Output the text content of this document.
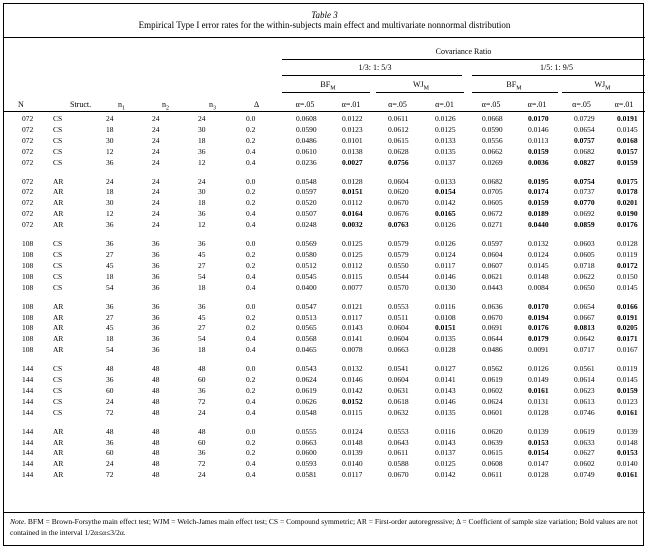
Table 3
Empirical Type I error rates for the within-subjects main effect and multivariate nonnormal distribution
Covariance Ratio
1/3: 1: 5/3	1/5: 1: 9/5
$BF_M$	$WJ_M$	$BF_M$	$WJ_M$
N	Struct.	$n_1$	$n_2$	$n_3$	Δ	α=.05	α=.01	α=.05	α=.01	α=.05	α=.01	α=.05	α=.01
072	CS	24	24	24	0.0	0.0608	0.0122	0.0611	0.0126	0.0668	0.0170	0.0729	0.0191
072	CS	18	24	30	0.2	0.0590	0.0123	0.0612	0.0125	0.0590	0.0146	0.0654	0.0145
072	CS	30	24	18	0.2	0.0486	0.0101	0.0615	0.0133	0.0556	0.0113	0.0757	0.0168
072	CS	12	24	36	0.4	0.0610	0.0138	0.0628	0.0135	0.0662	0.0159	0.0682	0.0157
072	CS	36	24	12	0.4	0.0236	0.0027	0.0756	0.0137	0.0269	0.0036	0.0827	0.0159

072	AR	24	24	24	0.0	0.0548	0.0128	0.0604	0.0133	0.0682	0.0195	0.0754	0.0175
072	AR	18	24	30	0.2	0.0597	0.0151	0.0620	0.0154	0.0705	0.0174	0.0737	0.0178
072	AR	30	24	18	0.2	0.0520	0.0112	0.0670	0.0142	0.0605	0.0159	0.0770	0.0201
072	AR	12	24	36	0.4	0.0507	0.0164	0.0676	0.0165	0.0672	0.0189	0.0692	0.0190
072	AR	36	24	12	0.4	0.0248	0.0032	0.0763	0.0126	0.0271	0.0440	0.0859	0.0176

108	CS	36	36	36	0.0	0.0569	0.0125	0.0579	0.0126	0.0597	0.0132	0.0603	0.0128
108	CS	27	36	45	0.2	0.0580	0.0125	0.0579	0.0124	0.0604	0.0124	0.0605	0.0119
108	CS	45	36	27	0.2	0.0512	0.0112	0.0550	0.0117	0.0607	0.0145	0.0718	0.0172
108	CS	18	36	54	0.4	0.0545	0.0115	0.0544	0.0146	0.0621	0.0148	0.0622	0.0150
108	CS	54	36	18	0.4	0.0400	0.0077	0.0570	0.0130	0.0443	0.0084	0.0650	0.0145

108	AR	36	36	36	0.0	0.0547	0.0121	0.0553	0.0116	0.0636	0.0170	0.0654	0.0166
108	AR	27	36	45	0.2	0.0513	0.0117	0.0511	0.0108	0.0670	0.0194	0.0667	0.0191
108	AR	45	36	27	0.2	0.0565	0.0143	0.0604	0.0151	0.0691	0.0176	0.0813	0.0205
108	AR	18	36	54	0.4	0.0568	0.0141	0.0604	0.0135	0.0644	0.0179	0.0642	0.0171
108	AR	54	36	18	0.4	0.0465	0.0078	0.0663	0.0128	0.0486	0.0091	0.0717	0.0167

144	CS	48	48	48	0.0	0.0543	0.0132	0.0541	0.0127	0.0562	0.0126	0.0561	0.0119
144	CS	36	48	60	0.2	0.0624	0.0146	0.0604	0.0141	0.0619	0.0149	0.0614	0.0145
144	CS	60	48	36	0.2	0.0619	0.0142	0.0631	0.0143	0.0602	0.0161	0.0623	0.0159
144	CS	24	48	72	0.4	0.0626	0.0152	0.0618	0.0146	0.0624	0.0131	0.0613	0.0123
144	CS	72	48	24	0.4	0.0548	0.0115	0.0632	0.0135	0.0601	0.0128	0.0746	0.0161

144	AR	48	48	48	0.0	0.0555	0.0124	0.0553	0.0116	0.0620	0.0139	0.0619	0.0139
144	AR	36	48	60	0.2	0.0663	0.0148	0.0643	0.0143	0.0639	0.0153	0.0633	0.0148
144	AR	60	48	36	0.2	0.0600	0.0139	0.0611	0.0137	0.0615	0.0154	0.0627	0.0153
144	AR	24	48	72	0.4	0.0593	0.0140	0.0588	0.0125	0.0608	0.0147	0.0602	0.0140
144	AR	72	48	24	0.4	0.0581	0.0117	0.0670	0.0142	0.0611	0.0128	0.0749	0.0161
Note. BFM = Brown-Forsythe main effect test; WJM = Welch-James main effect test; CS = Compound symmetric; AR = First-order autoregressive; Δ = Coefficient of sample size variation; Bold values are not contained in the interval 1/2α≤α≤3/2α.
